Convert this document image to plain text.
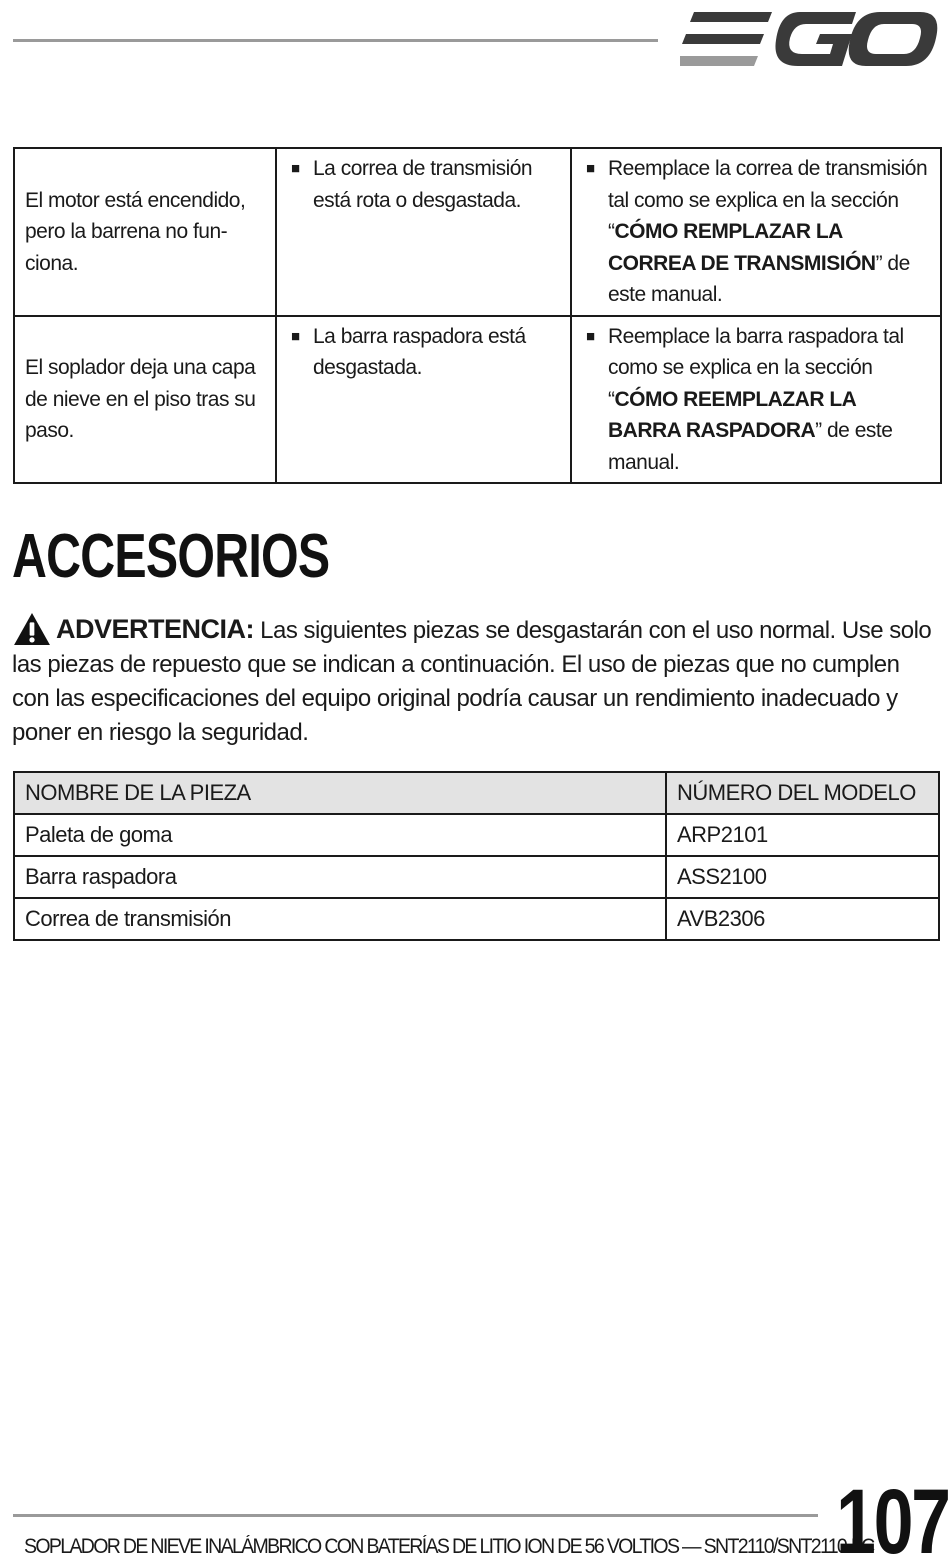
El motor está encendido, pero la barrena no fun- ciona.	■ La correa de transmisión está rota o desgastada.	■ Reemplace la correa de transmisión tal como se explica en la sección “CÓMO REMPLAZAR LA CORREA DE TRANSMISIÓN” de este manual.

El soplador deja una capa de nieve en el piso tras su paso.	■ La barra raspadora está desgastada.	■ Reemplace la barra raspadora tal como se explica en la sección “CÓMO REEMPLAZAR LA BARRA RASPADORA” de este manual.
ACCESORIOS

ADVERTENCIA: Las siguientes piezas se desgastarán con el uso normal. Use solo las piezas de repuesto que se indican a continuación. El uso de piezas que no cumplen con las especificaciones del equipo original podría causar un rendimiento inadecuado y poner en riesgo la seguridad.

NOMBRE DE LA PIEZA	NÚMERO DEL MODELO
Paleta de goma	ARP2101
Barra raspadora	ASS2100
Correa de transmisión	AVB2306
SOPLADOR DE NIEVE INALÁMBRICO CON BATERÍAS DE LITIO ION DE 56 VOLTIOS — SNT2110/SNT2110-FC
107
